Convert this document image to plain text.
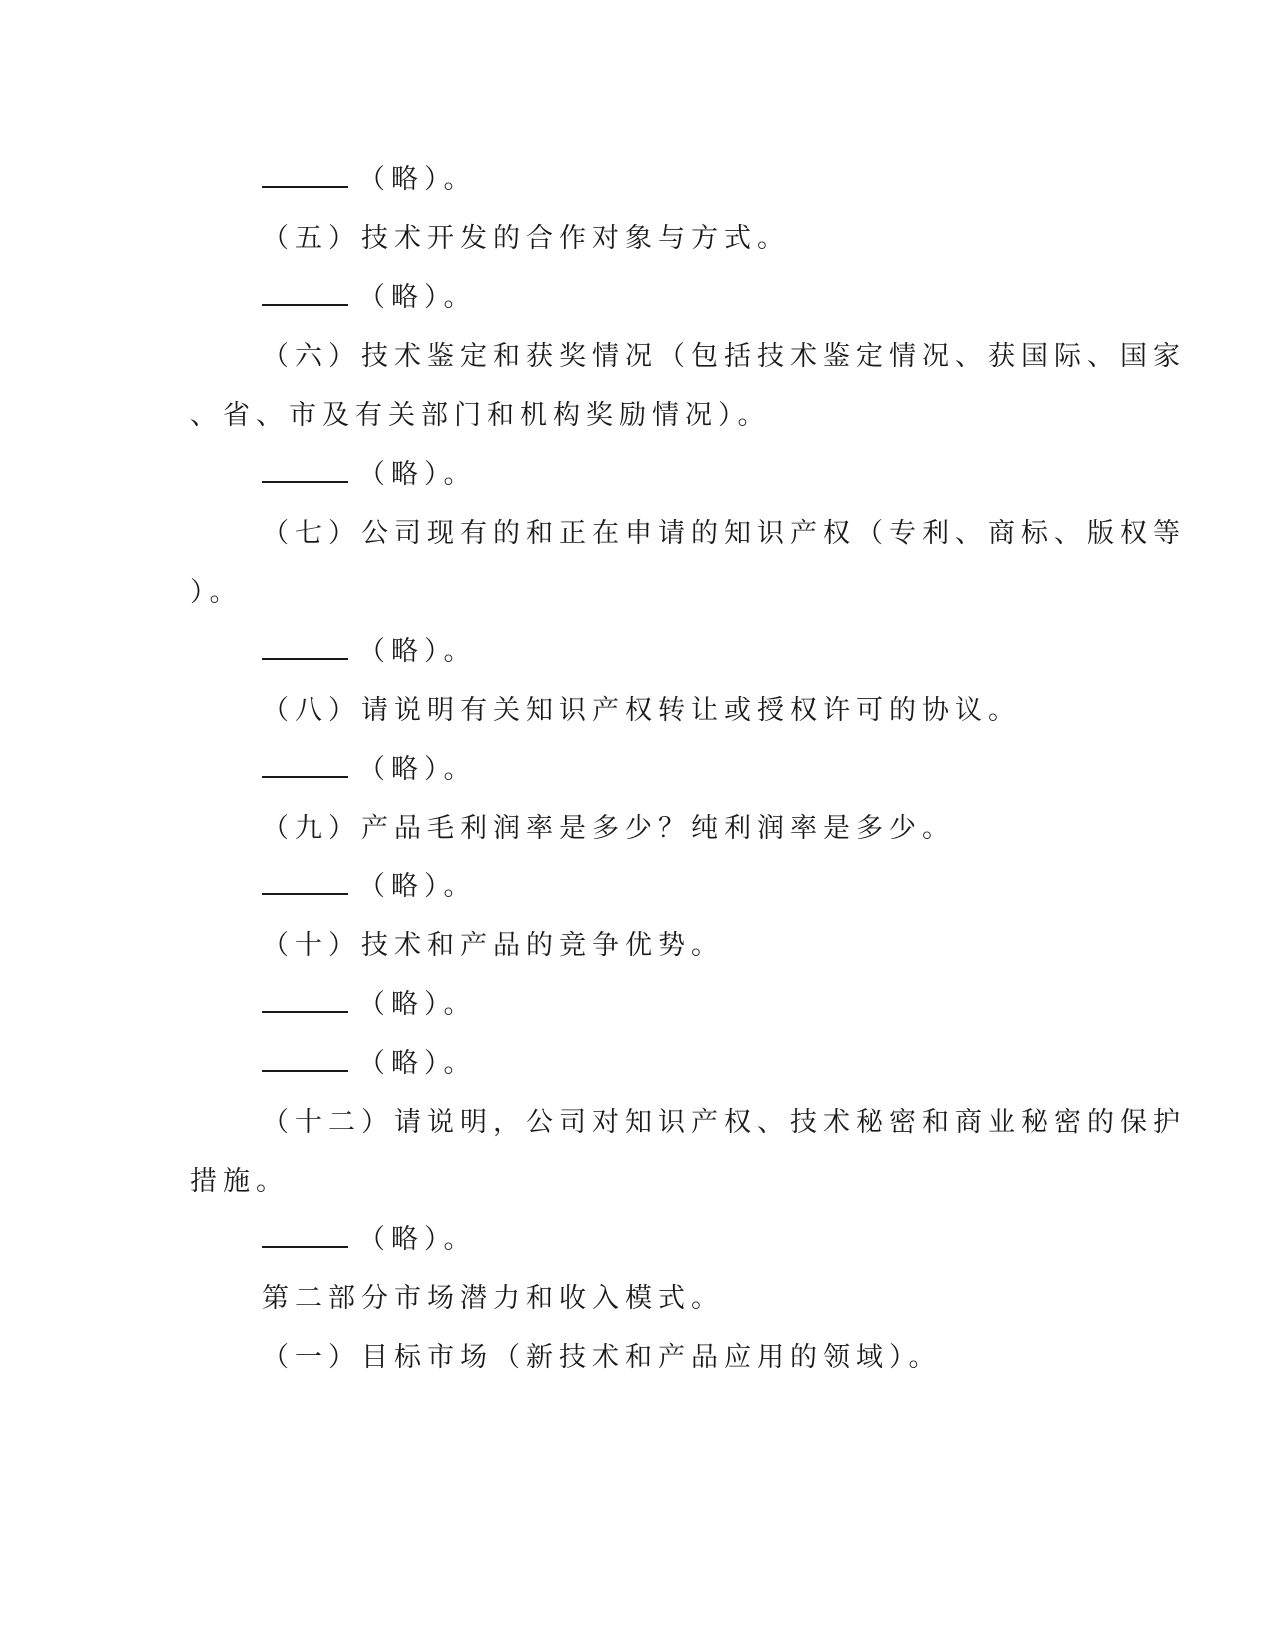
（略）。
（五）技术开发的合作对象与方式。
（略）。
（六）技术鉴定和获奖情况（包括技术鉴定情况、获国际、国家
、省、市及有关部门和机构奖励情况）。
（略）。
（七）公司现有的和正在申请的知识产权（专利、商标、版权等
）。
（略）。
（八）请说明有关知识产权转让或授权许可的协议。
（略）。
（九）产品毛利润率是多少？纯利润率是多少。
（略）。
（十）技术和产品的竞争优势。
（略）。
（略）。
（十二）请说明，公司对知识产权、技术秘密和商业秘密的保护
措施。
（略）。
第二部分市场潜力和收入模式。
（一）目标市场（新技术和产品应用的领域）。
